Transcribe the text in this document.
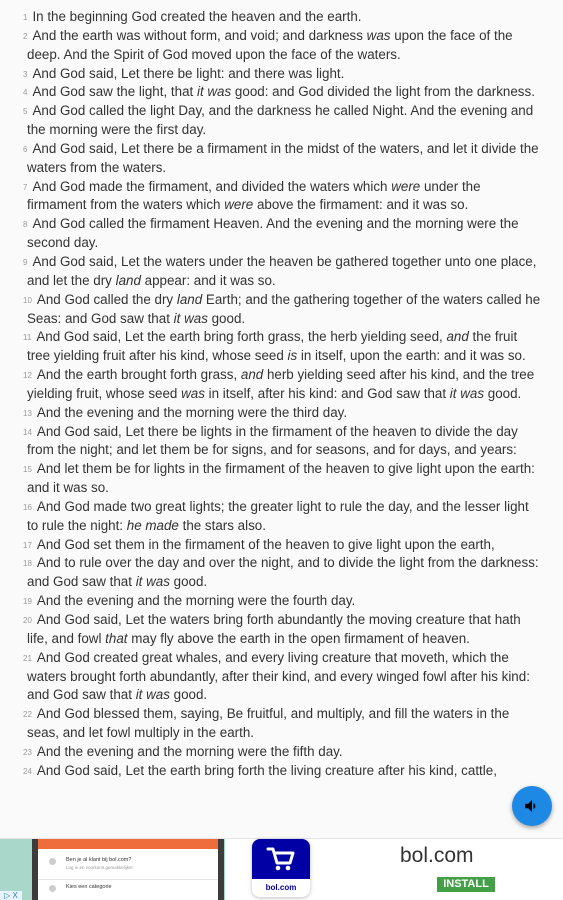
$^1$ In the beginning God created the heaven and the earth.

$^2$ And the earth was without form, and void; and darkness was upon the face of the deep. And the Spirit of God moved upon the face of the waters.

$^3$ And God said, Let there be light: and there was light.

$^4$ And God saw the light, that it was good: and God divided the light from the darkness.

$^5$ And God called the light Day, and the darkness he called Night. And the evening and the morning were the first day.

$^6$ And God said, Let there be a firmament in the midst of the waters, and let it divide the waters from the waters.

$^7$ And God made the firmament, and divided the waters which were under the firmament from the waters which were above the firmament: and it was so.

$^8$ And God called the firmament Heaven. And the evening and the morning were the second day.

$^9$ And God said, Let the waters under the heaven be gathered together unto one place, and let the dry land appear: and it was so.

$^{10}$ And God called the dry land Earth; and the gathering together of the waters called he Seas: and God saw that it was good.

$^{11}$ And God said, Let the earth bring forth grass, the herb yielding seed, and the fruit tree yielding fruit after his kind, whose seed is in itself, upon the earth: and it was so.

$^{12}$ And the earth brought forth grass, and herb yielding seed after his kind, and the tree yielding fruit, whose seed was in itself, after his kind: and God saw that it was good.

$^{13}$ And the evening and the morning were the third day.

$^{14}$ And God said, Let there be lights in the firmament of the heaven to divide the day from the night; and let them be for signs, and for seasons, and for days, and years:

$^{15}$ And let them be for lights in the firmament of the heaven to give light upon the earth: and it was so.

$^{16}$ And God made two great lights; the greater light to rule the day, and the lesser light to rule the night: he made the stars also.

$^{17}$ And God set them in the firmament of the heaven to give light upon the earth,

$^{18}$ And to rule over the day and over the night, and to divide the light from the darkness: and God saw that it was good.

$^{19}$ And the evening and the morning were the fourth day.

$^{20}$ And God said, Let the waters bring forth abundantly the moving creature that hath life, and fowl that may fly above the earth in the open firmament of heaven.

$^{21}$ And God created great whales, and every living creature that moveth, which the waters brought forth abundantly, after their kind, and every winged fowl after his kind: and God saw that it was good.

$^{22}$ And God blessed them, saying, Be fruitful, and multiply, and fill the waters in the seas, and let fowl multiply in the earth.

$^{23}$ And the evening and the morning were the fifth day.

$^{24}$ And God said, Let the earth bring forth the living creature after his kind, cattle,

Ben je al klant bij bol.com?
Log in en voorkomt gemakkelijker
Kies een categorie	bol.com
bol.com
INSTALL
▷ X
